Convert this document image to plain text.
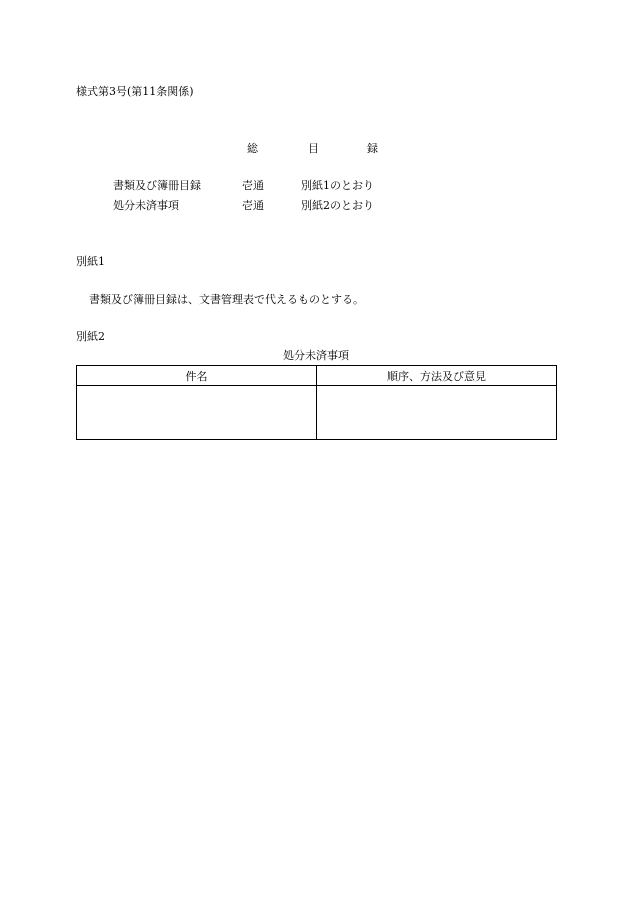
様式第3号(第11条関係)
総	目	録
書類及び簿冊目録	壱通	別紙1のとおり
処分未済事項	壱通	別紙2のとおり
別紙1
書類及び簿冊目録は、文書管理表で代えるものとする。
別紙2
処分未済事項
件名	順序、方法及び意見
